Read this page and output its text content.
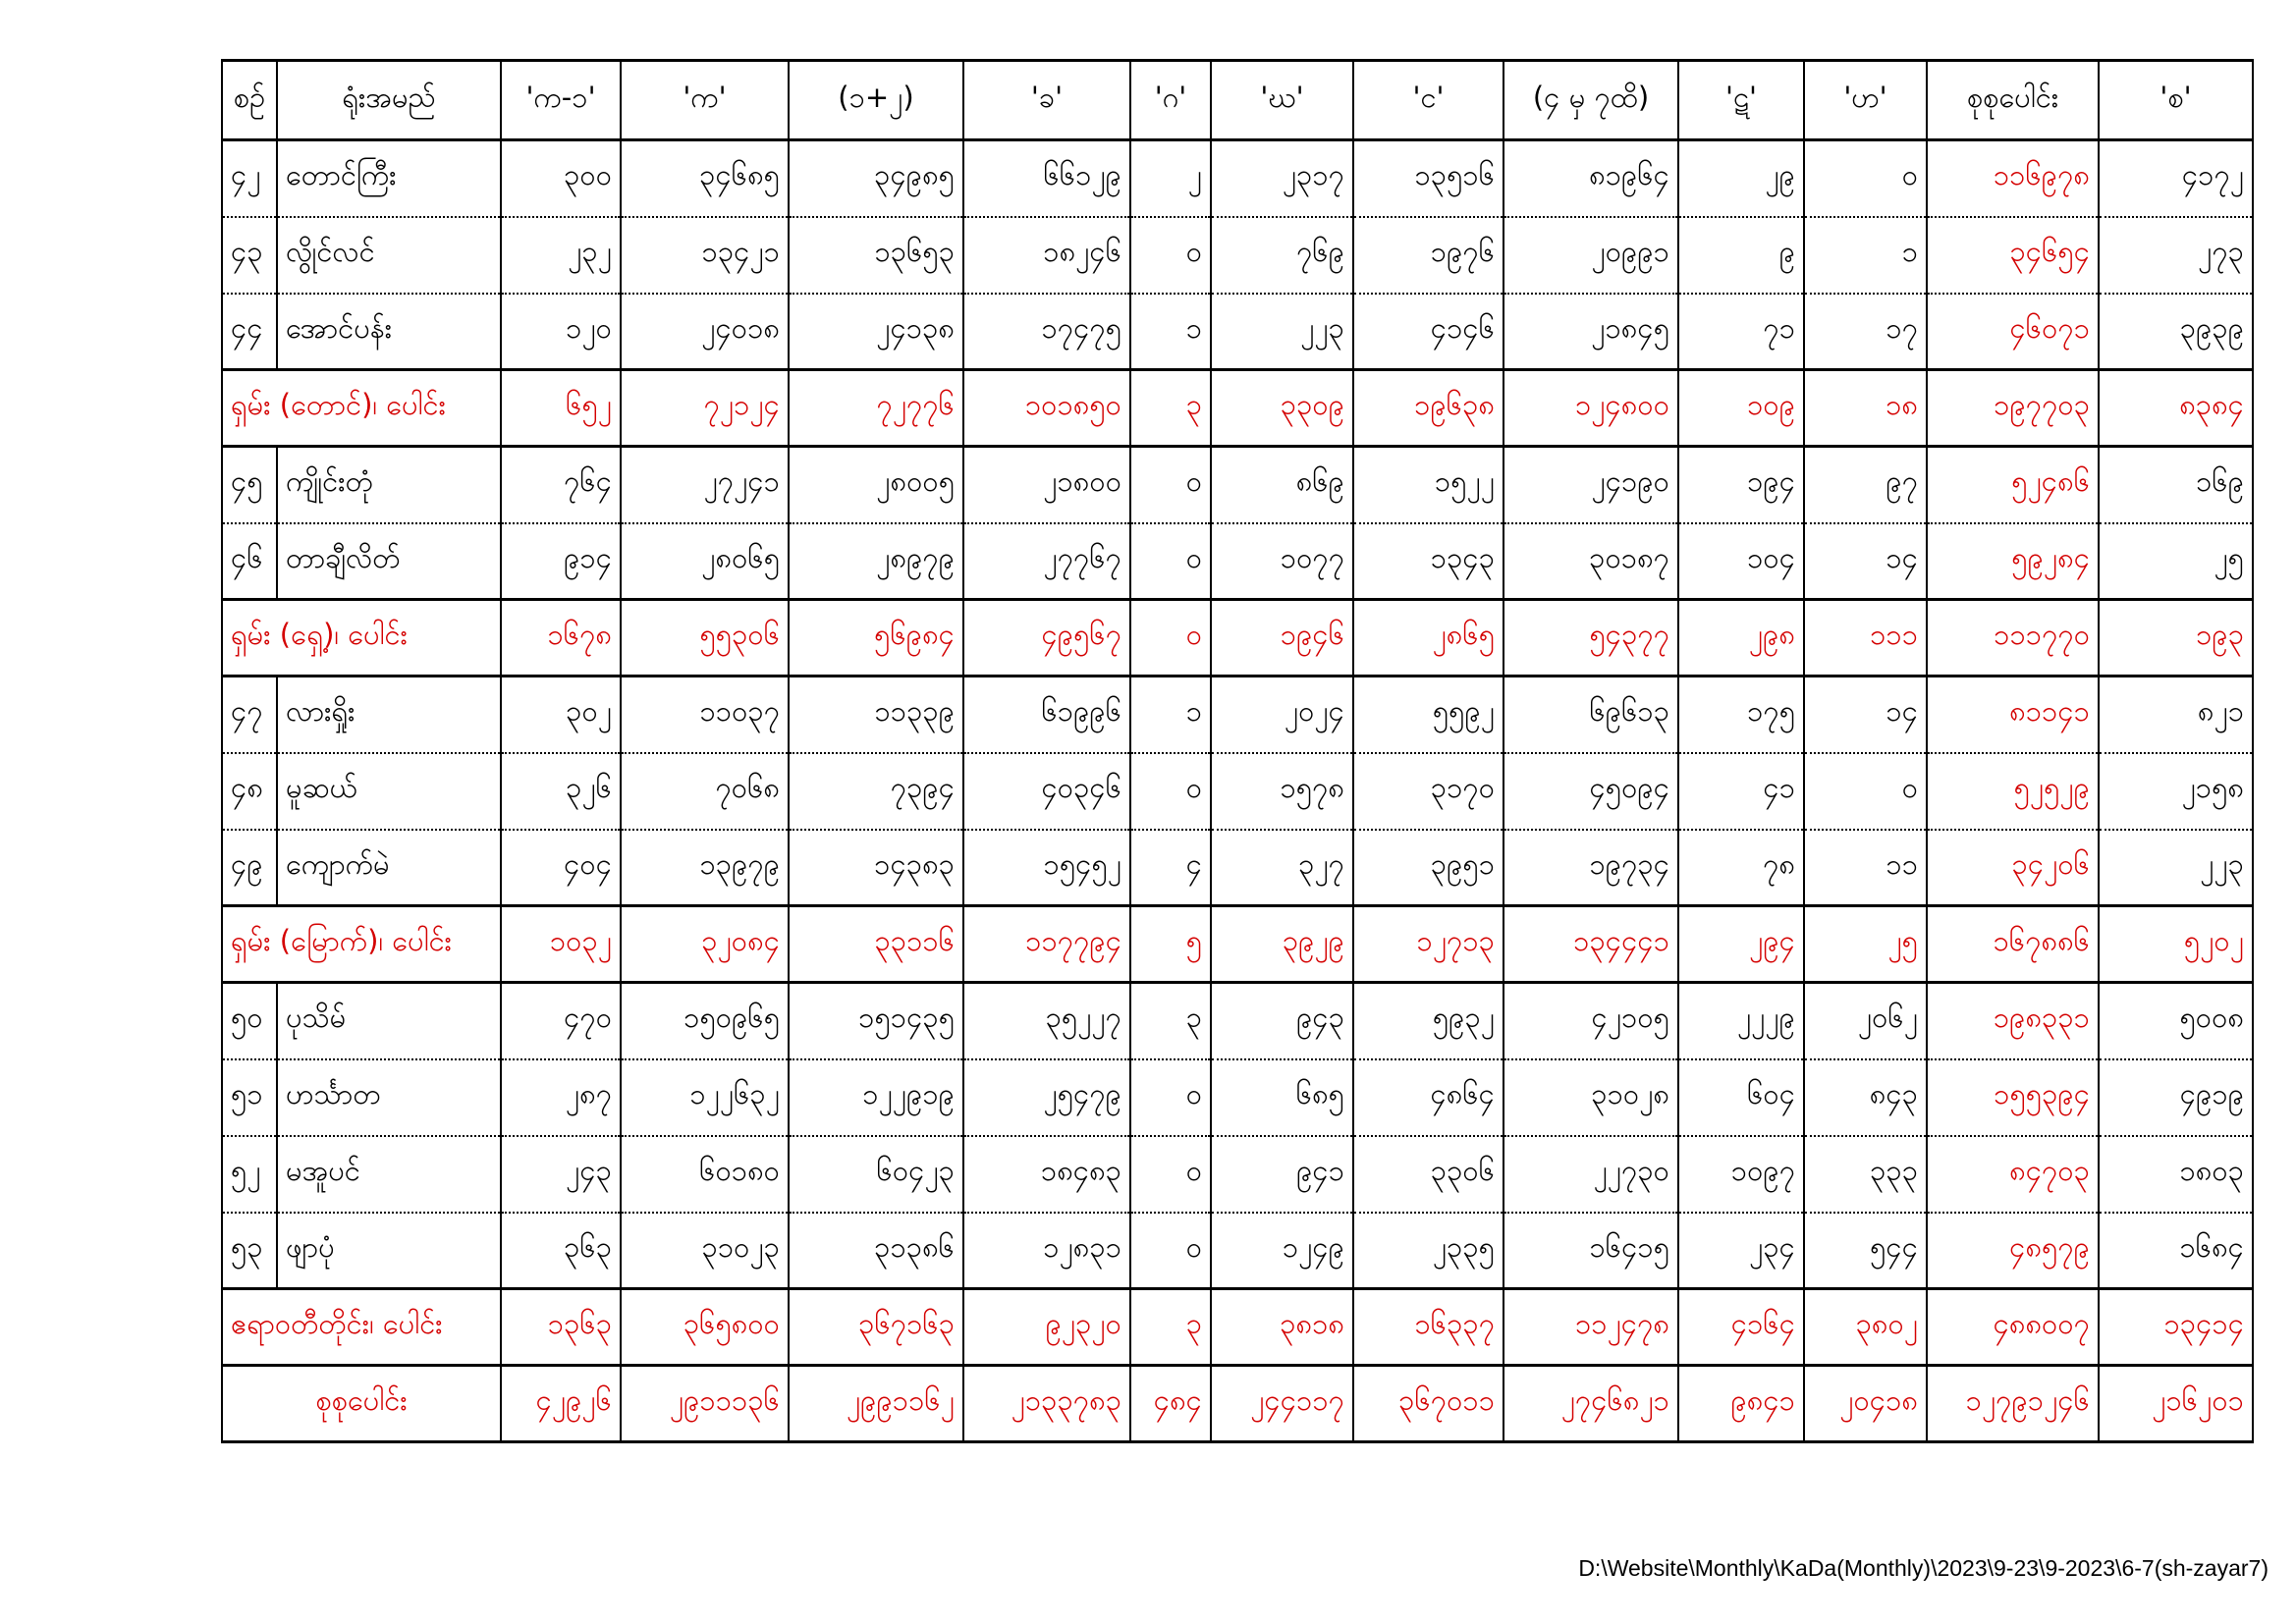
စဉ်	ရုံးအမည်	'က-၁'	'က'	(၁+၂)	'ခ'	'ဂ'	'ဃ'	'င'	(၄ မှ ၇ထိ)	'ဋ'	'ဟ'	စုစုပေါင်း	'စ'
၄၂	တောင်ကြီး	၃၀၀	၃၄၆၈၅	၃၄၉၈၅	၆၆၁၂၉	၂	၂၃၁၇	၁၃၅၁၆	၈၁၉၆၄	၂၉	၀	၁၁၆၉၇၈	၄၁၇၂
၄၃	လွိုင်လင်	၂၃၂	၁၃၄၂၁	၁၃၆၅၃	၁၈၂၄၆	၀	၇၆၉	၁၉၇၆	၂၀၉၉၁	၉	၁	၃၄၆၅၄	၂၇၃
၄၄	အောင်ပန်း	၁၂၀	၂၄၀၁၈	၂၄၁၃၈	၁၇၄၇၅	၁	၂၂၃	၄၁၄၆	၂၁၈၄၅	၇၁	၁၇	၄၆၀၇၁	၃၉၃၉
ရှမ်း (တောင်)၊ ပေါင်း		၆၅၂	၇၂၁၂၄	၇၂၇၇၆	၁၀၁၈၅၀	၃	၃၃၀၉	၁၉၆၃၈	၁၂၄၈၀၀	၁၀၉	၁၈	၁၉၇၇၀၃	၈၃၈၄
၄၅	ကျိုင်းတုံ	၇၆၄	၂၇၂၄၁	၂၈၀၀၅	၂၁၈၀၀	၀	၈၆၉	၁၅၂၂	၂၄၁၉၀	၁၉၄	၉၇	၅၂၄၈၆	၁၆၉
၄၆	တာချီလိတ်	၉၁၄	၂၈၀၆၅	၂၈၉၇၉	၂၇၇၆၇	၀	၁၀၇၇	၁၃၄၃	၃၀၁၈၇	၁၀၄	၁၄	၅၉၂၈၄	၂၅
ရှမ်း (ရှေ့)၊ ပေါင်း		၁၆၇၈	၅၅၃၀၆	၅၆၉၈၄	၄၉၅၆၇	၀	၁၉၄၆	၂၈၆၅	၅၄၃၇၇	၂၉၈	၁၁၁	၁၁၁၇၇၀	၁၉၃
၄၇	လားရှိုး	၃၀၂	၁၁၀၃၇	၁၁၃၃၉	၆၁၉၉၆	၁	၂၀၂၄	၅၅၉၂	၆၉၆၁၃	၁၇၅	၁၄	၈၁၁၄၁	၈၂၁
၄၈	မူဆယ်	၃၂၆	၇၀၆၈	၇၃၉၄	၄၀၃၄၆	၀	၁၅၇၈	၃၁၇၀	၄၅၀၉၄	၄၁	၀	၅၂၅၂၉	၂၁၅၈
၄၉	ကျောက်မဲ	၄၀၄	၁၃၉၇၉	၁၄၃၈၃	၁၅၄၅၂	၄	၃၂၇	၃၉၅၁	၁၉၇၃၄	၇၈	၁၁	၃၄၂၀၆	၂၂၃
ရှမ်း (မြောက်)၊ ပေါင်း		၁၀၃၂	၃၂၀၈၄	၃၃၁၁၆	၁၁၇၇၉၄	၅	၃၉၂၉	၁၂၇၁၃	၁၃၄၄၄၁	၂၉၄	၂၅	၁၆၇၈၈၆	၅၂၀၂
၅၀	ပုသိမ်	၄၇၀	၁၅၀၉၆၅	၁၅၁၄၃၅	၃၅၂၂၇	၃	၉၄၃	၅၉၃၂	၄၂၁၀၅	၂၂၂၉	၂၀၆၂	၁၉၈၃၃၁	၅၀၀၈
၅၁	ဟင်္သာတ	၂၈၇	၁၂၂၆၃၂	၁၂၂၉၁၉	၂၅၄၇၉	၀	၆၈၅	၄၈၆၄	၃၁၀၂၈	၆၀၄	၈၄၃	၁၅၅၃၉၄	၄၉၁၉
၅၂	မအူပင်	၂၄၃	၆၀၁၈၀	၆၀၄၂၃	၁၈၄၈၃	၀	၉၄၁	၃၃၀၆	၂၂၇၃၀	၁၀၉၇	၃၃၃	၈၄၇၀၃	၁၈၀၃
၅၃	ဖျာပုံ	၃၆၃	၃၁၀၂၃	၃၁၃၈၆	၁၂၈၃၁	၀	၁၂၄၉	၂၃၃၅	၁၆၄၁၅	၂၃၄	၅၄၄	၄၈၅၇၉	၁၆၈၄
ဧရာဝတီတိုင်း၊ ပေါင်း		၁၃၆၃	၃၆၅၈၀၀	၃၆၇၁၆၃	၉၂၃၂၀	၃	၃၈၁၈	၁၆၃၃၇	၁၁၂၄၇၈	၄၁၆၄	၃၈၀၂	၄၈၈၀၀၇	၁၃၄၁၄
စုစုပေါင်း		၄၂၉၂၆	၂၉၁၁၁၃၆	၂၉၉၁၁၆၂	၂၁၃၃၇၈၃	၄၈၄	၂၄၄၁၁၇	၃၆၇၀၁၁	၂၇၄၆၈၂၁	၉၈၄၁	၂၀၄၁၈	၁၂၇၉၁၂၄၆	၂၁၆၂၀၁
D:\Website\Monthly\KaDa(Monthly)\2023\9-23\9-2023\6-7(sh-zayar7)
